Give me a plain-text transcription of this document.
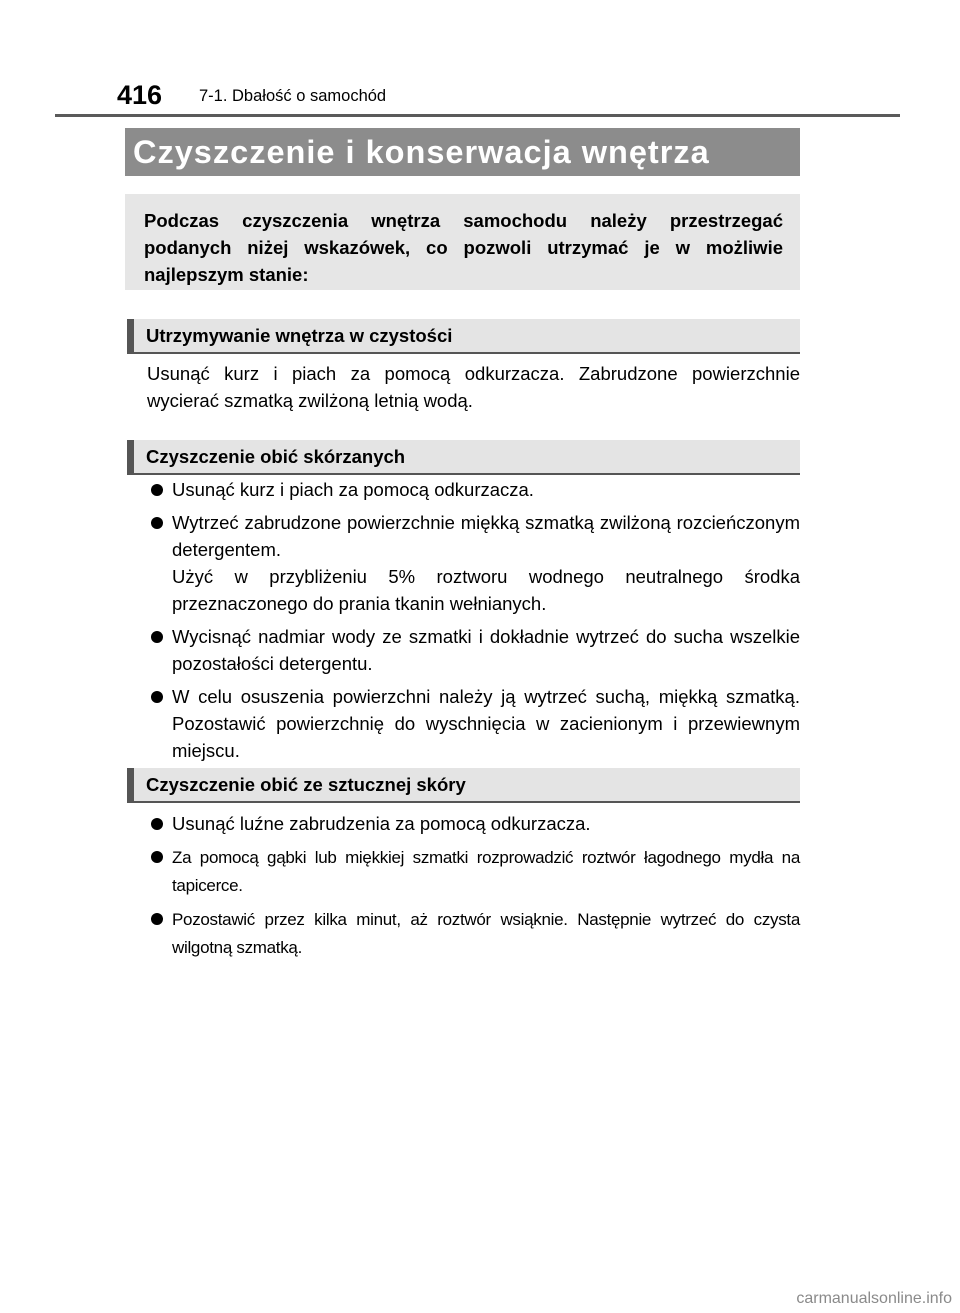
416 7-1. Dbałość o samochód
Czyszczenie i konserwacja wnętrza
Podczas czyszczenia wnętrza samochodu należy przestrzegać podanych niżej wskazówek, co pozwoli utrzymać je w możliwie najlepszym stanie:
Utrzymywanie wnętrza w czystości
Usunąć kurz i piach za pomocą odkurzacza. Zabrudzone powierzchnie wycierać szmatką zwilżoną letnią wodą.
Czyszczenie obić skórzanych
Usunąć kurz i piach za pomocą odkurzacza.
Wytrzeć zabrudzone powierzchnie miękką szmatką zwilżoną rozcieńczonym detergentem.
Użyć w przybliżeniu 5% roztworu wodnego neutralnego środka przeznaczonego do prania tkanin wełnianych.
Wycisnąć nadmiar wody ze szmatki i dokładnie wytrzeć do sucha wszelkie pozostałości detergentu.
W celu osuszenia powierzchni należy ją wytrzeć suchą, miękką szmatką. Pozostawić powierzchnię do wyschnięcia w zacienionym i przewiewnym miejscu.
Czyszczenie obić ze sztucznej skóry
Usunąć luźne zabrudzenia za pomocą odkurzacza.
Za pomocą gąbki lub miękkiej szmatki rozprowadzić roztwór łagodnego mydła na tapicerce.
Pozostawić przez kilka minut, aż roztwór wsiąknie. Następnie wytrzeć do czysta wilgotną szmatką.
carmanualsonline.info
